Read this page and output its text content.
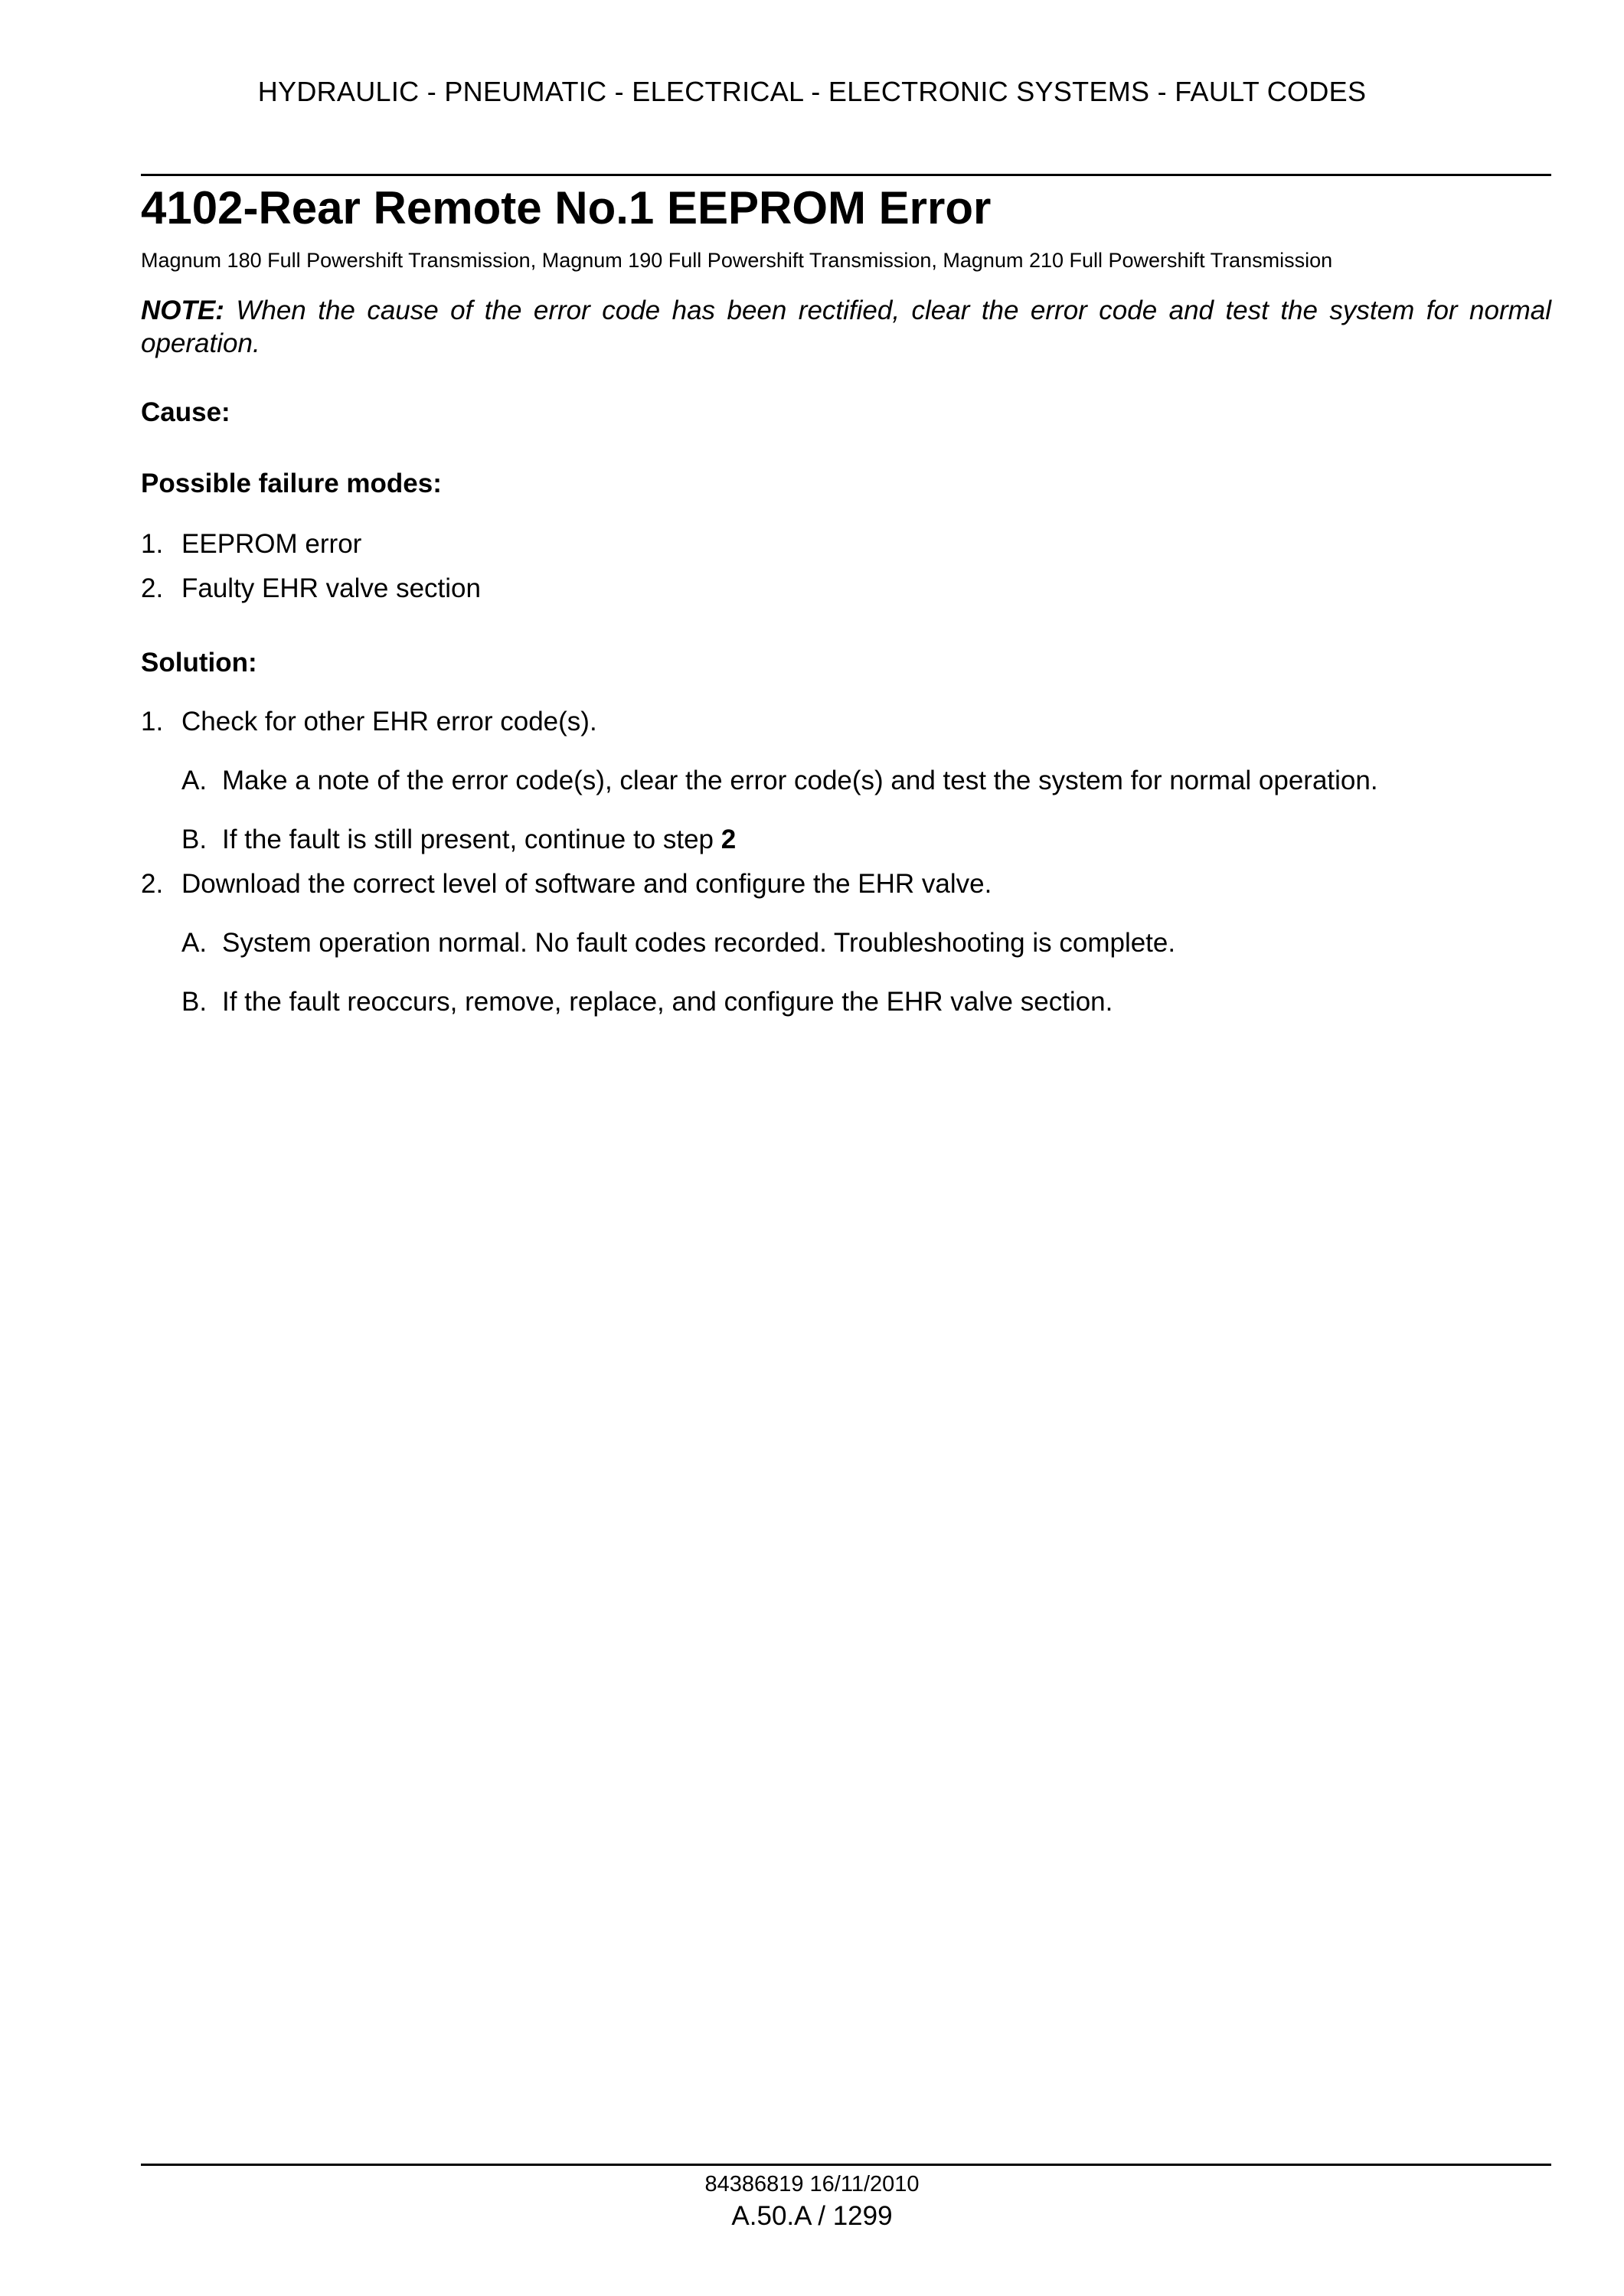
HYDRAULIC - PNEUMATIC - ELECTRICAL - ELECTRONIC SYSTEMS - FAULT CODES
4102-Rear Remote No.1 EEPROM Error
Magnum 180 Full Powershift Transmission, Magnum 190 Full Powershift Transmission, Magnum 210 Full Powershift Transmission
NOTE: When the cause of the error code has been rectified, clear the error code and test the system for normal operation.
Cause:
Possible failure modes:
1. EEPROM error
2. Faulty EHR valve section
Solution:
1. Check for other EHR error code(s).
A. Make a note of the error code(s), clear the error code(s) and test the system for normal operation.
B. If the fault is still present, continue to step 2
2. Download the correct level of software and configure the EHR valve.
A. System operation normal. No fault codes recorded. Troubleshooting is complete.
B. If the fault reoccurs, remove, replace, and configure the EHR valve section.
84386819 16/11/2010
A.50.A / 1299
